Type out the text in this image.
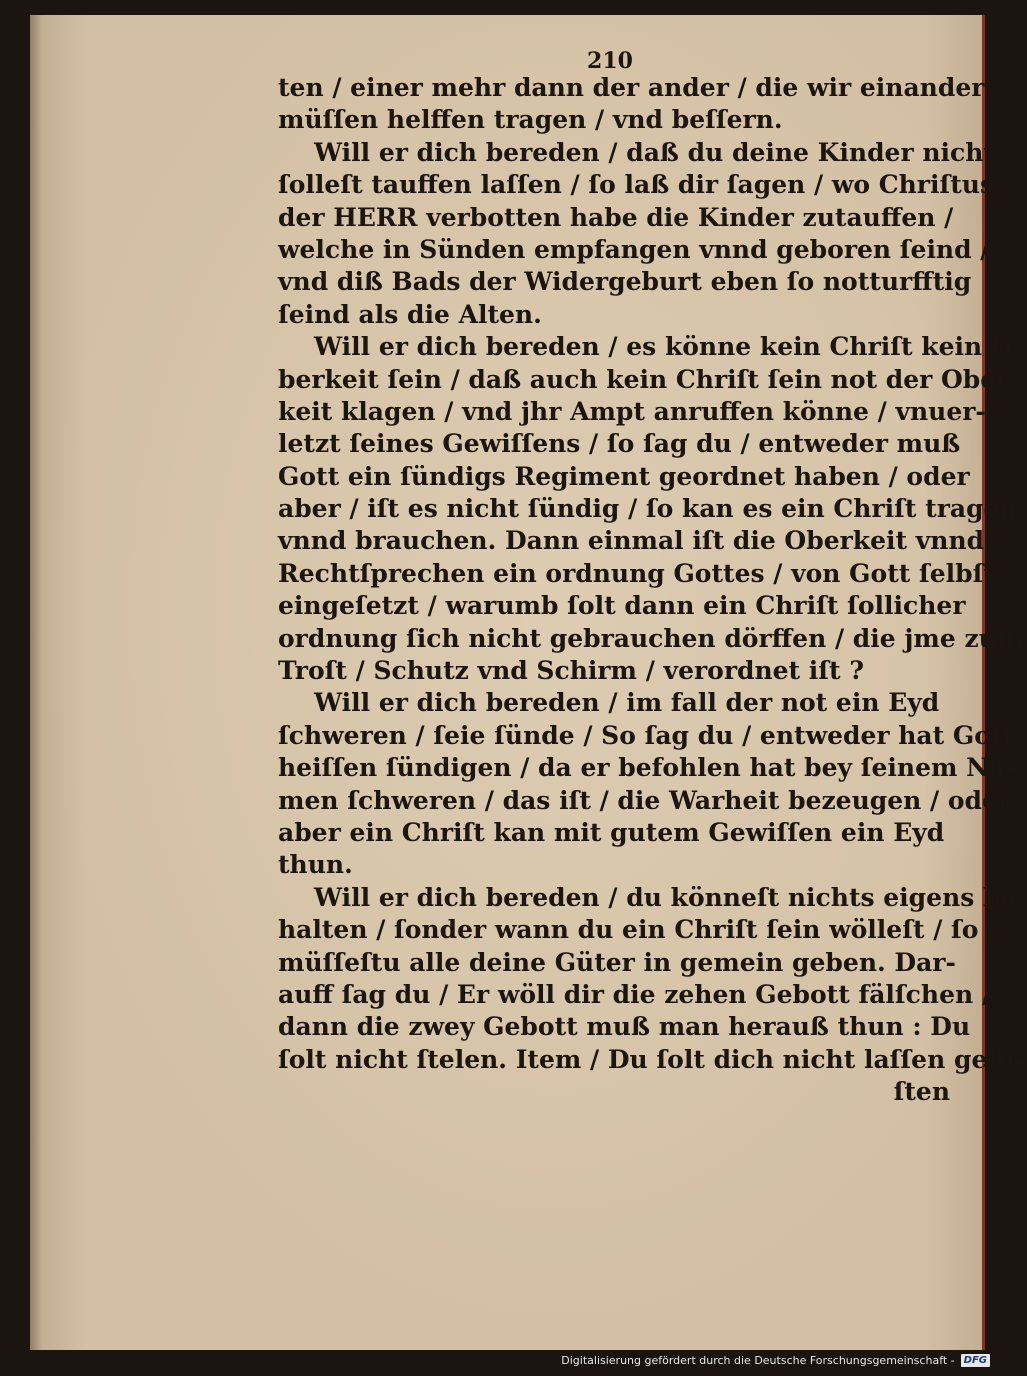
210
ten / einer mehr dann der ander / die wir einander
müſſen helffen tragen / vnd beſſern.
Will er dich bereden / daß du deine Kinder nicht
ſolleſt tauffen laſſen / ſo laß dir ſagen / wo Chriſtus
der HERR verbotten habe die Kinder zutauffen /
welche in Sünden empfangen vnnd geboren ſeind /
vnd diß Bads der Widergeburt eben ſo notturfftig
ſeind als die Alten.
Will er dich bereden / es könne kein Chriſt kein O-
berkeit ſein / daß auch kein Chriſt ſein not der Ober-
keit klagen / vnd jhr Ampt anruffen könne / vnuer-
letzt ſeines Gewiſſens / ſo ſag du / entweder muß
Gott ein ſündigs Regiment geordnet haben / oder
aber / iſt es nicht ſündig / ſo kan es ein Chriſt tragen
vnnd brauchen. Dann einmal iſt die Oberkeit vnnd
Rechtſprechen ein ordnung Gottes / von Gott ſelbſt
eingeſetzt / warumb ſolt dann ein Chriſt ſollicher
ordnung ſich nicht gebrauchen dörffen / die jme zum
Troſt / Schutz vnd Schirm / verordnet iſt ?
Will er dich bereden / im fall der not ein Eyd
ſchweren / ſeie ſünde / So ſag du / entweder hat Gott
heiſſen ſündigen / da er befohlen hat bey ſeinem Na-
men ſchweren / das iſt / die Warheit bezeugen / oder
aber ein Chriſt kan mit gutem Gewiſſen ein Eyd
thun.
Will er dich bereden / du könneſt nichts eigens be-
halten / ſonder wann du ein Chriſt ſein wölleſt / ſo
müſſeſtu alle deine Güter in gemein geben. Dar-
auff ſag du / Er wöll dir die zehen Gebott fälſchen /
dann die zwey Gebott muß man herauß thun : Du
ſolt nicht ſtelen. Item / Du ſolt dich nicht laſſen gelü-
ſten
Digitalisierung gefördert durch die Deutsche Forschungsgemeinschaft - DFG
